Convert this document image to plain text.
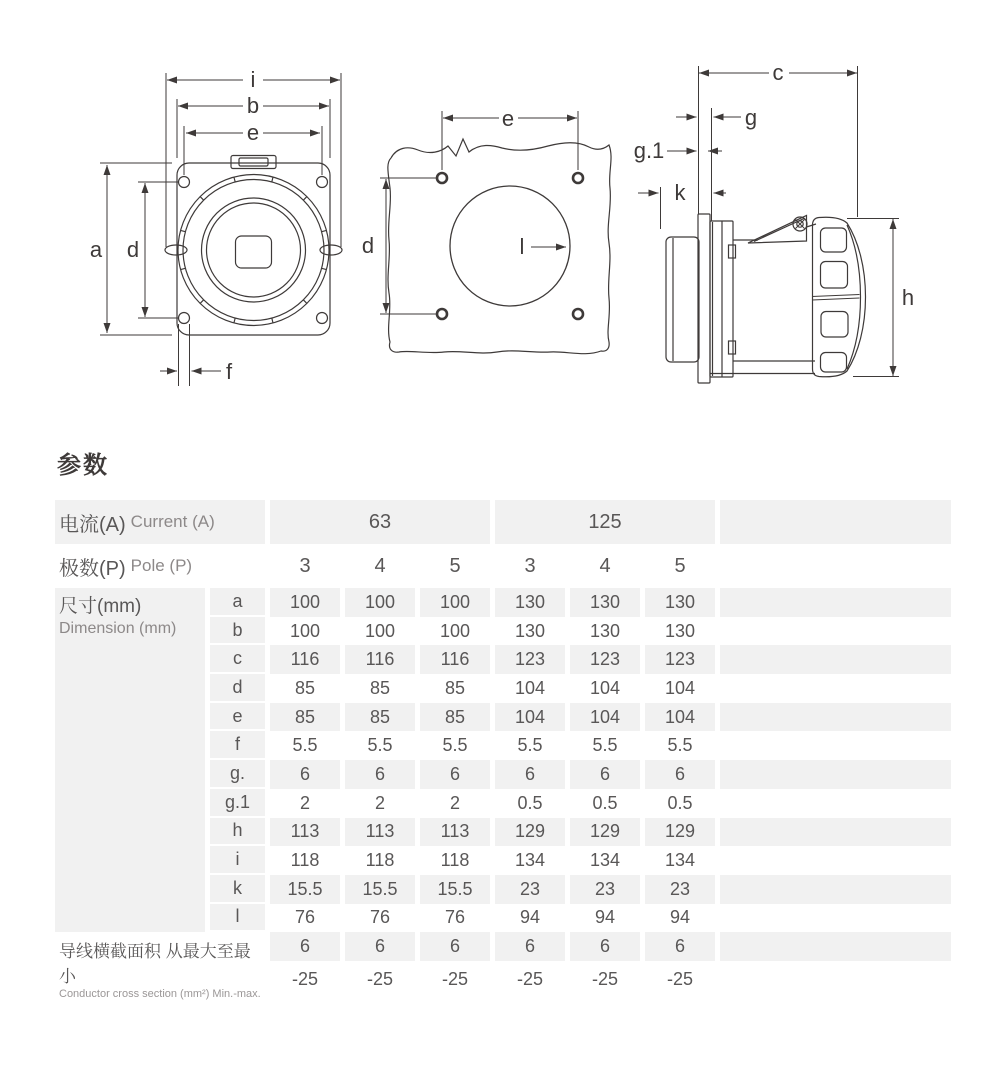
i
b
e
a d
f
e
d	l
c
g
g.1
k
h
参数
电流(A) Current (A)	63	125
极数(P) Pole (P)	3	4	5	3	4	5
尺寸(mm)
Dimension (mm)
a	100	100	100	130	130	130
b	100	100	100	130	130	130
c	116	116	116	123	123	123
d	85	85	85	104	104	104
e	85	85	85	104	104	104
f	5.5	5.5	5.5	5.5	5.5	5.5
g.	6	6	6	6	6	6
g.1	2	2	2	0.5	0.5	0.5
h	113	113	113	129	129	129
i	118	118	118	134	134	134
k	15.5	15.5	15.5	23	23	23
l	76	76	76	94	94	94
导线横截面积 从最大至最小
Conductor cross section (mm²) Min.-max.
6	6	6	6	6	6
-25	-25	-25	-25	-25	-25
